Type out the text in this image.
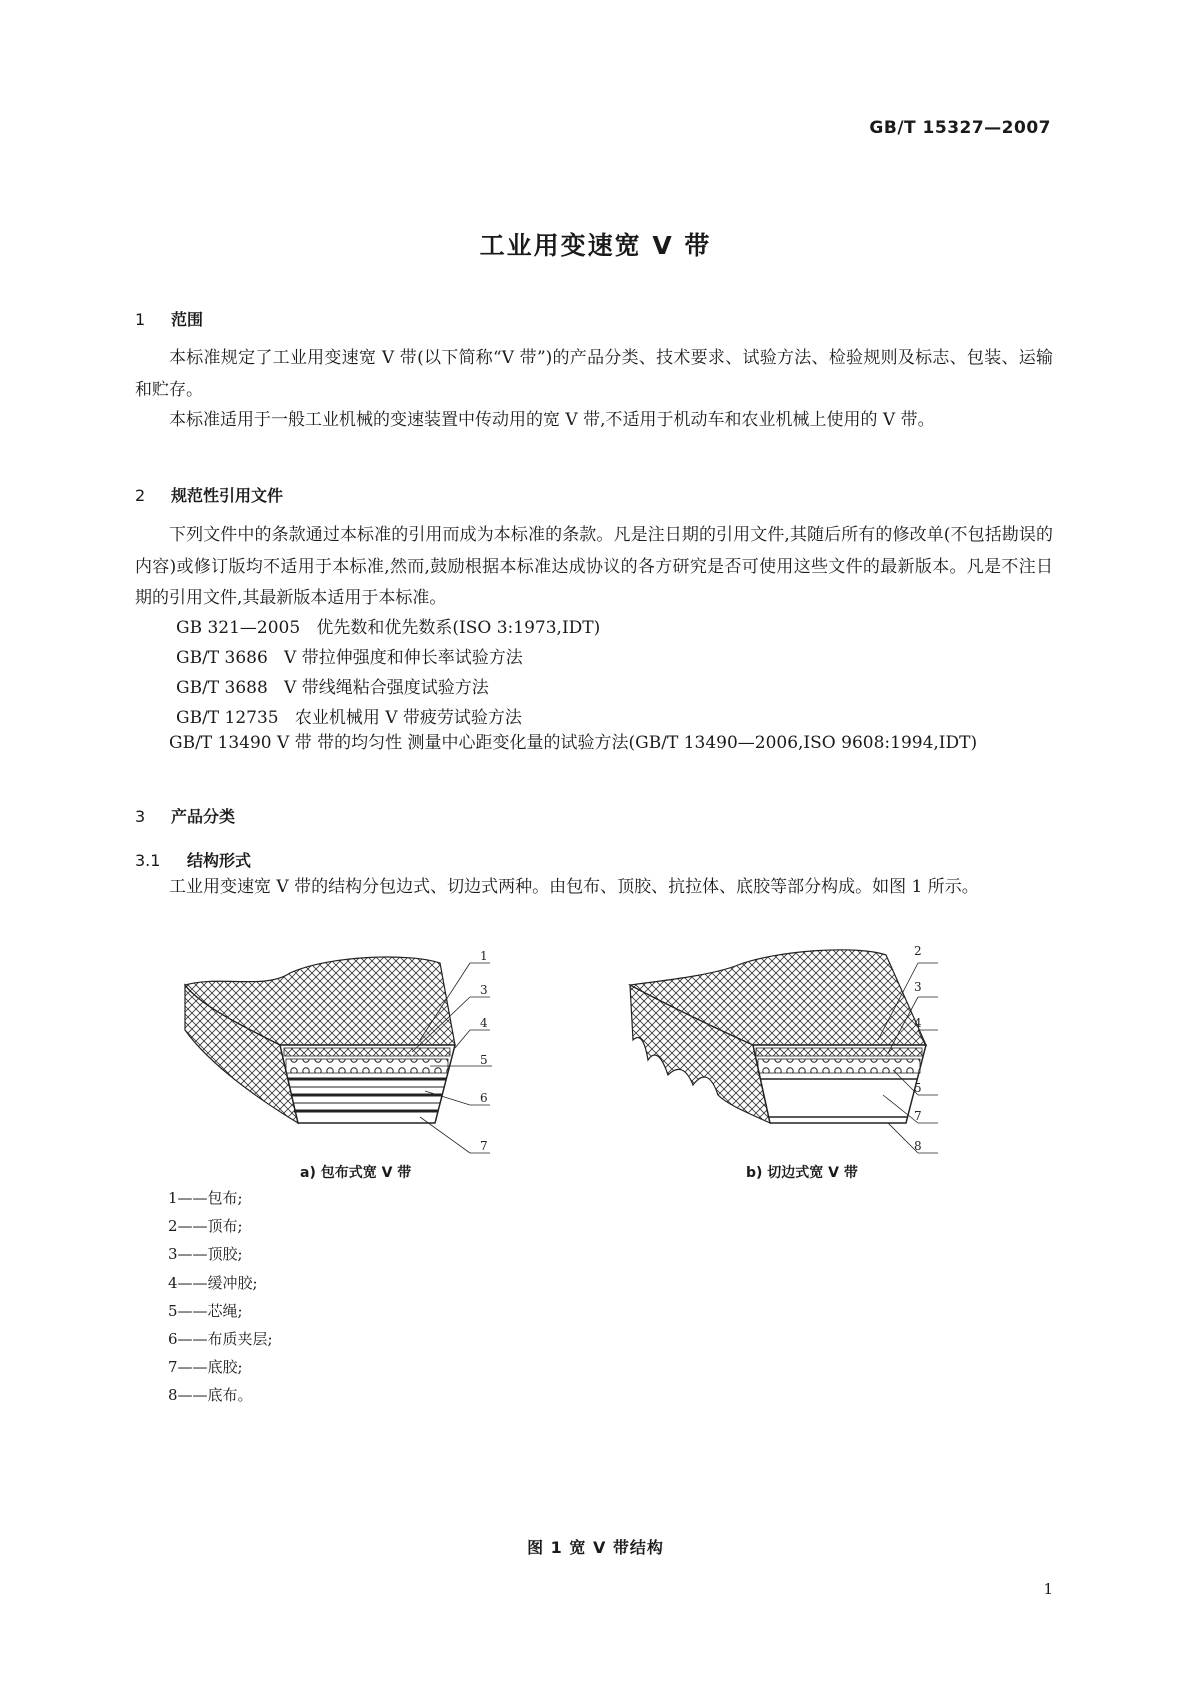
GB/T 15327—2007
工业用变速宽 V 带
1 范围
本标准规定了工业用变速宽 V 带(以下简称“V 带”)的产品分类、技术要求、试验方法、检验规则及标志、包装、运输和贮存。
本标准适用于一般工业机械的变速装置中传动用的宽 V 带,不适用于机动车和农业机械上使用的 V 带。
2 规范性引用文件
下列文件中的条款通过本标准的引用而成为本标准的条款。凡是注日期的引用文件,其随后所有的修改单(不包括勘误的内容)或修订版均不适用于本标准,然而,鼓励根据本标准达成协议的各方研究是否可使用这些文件的最新版本。凡是不注日期的引用文件,其最新版本适用于本标准。
GB 321—2005   优先数和优先数系(ISO 3:1973,IDT)
GB/T 3686   V 带拉伸强度和伸长率试验方法
GB/T 3688   V 带线绳粘合强度试验方法
GB/T 12735   农业机械用 V 带疲劳试验方法
GB/T 13490 V 带 带的均匀性 测量中心距变化量的试验方法(GB/T 13490—2006,ISO 9608:1994,IDT)
3 产品分类
3.1 结构形式
工业用变速宽 V 带的结构分包边式、切边式两种。由包布、顶胶、抗拉体、底胶等部分构成。如图 1 所示。
1
3
4
5
6
7
a) 包布式宽 V 带
2
3
4
5
7
8
b) 切边式宽 V 带
1——包布;
2——顶布;
3——顶胶;
4——缓冲胶;
5——芯绳;
6——布质夹层;
7——底胶;
8——底布。
图 1 宽 V 带结构
1
